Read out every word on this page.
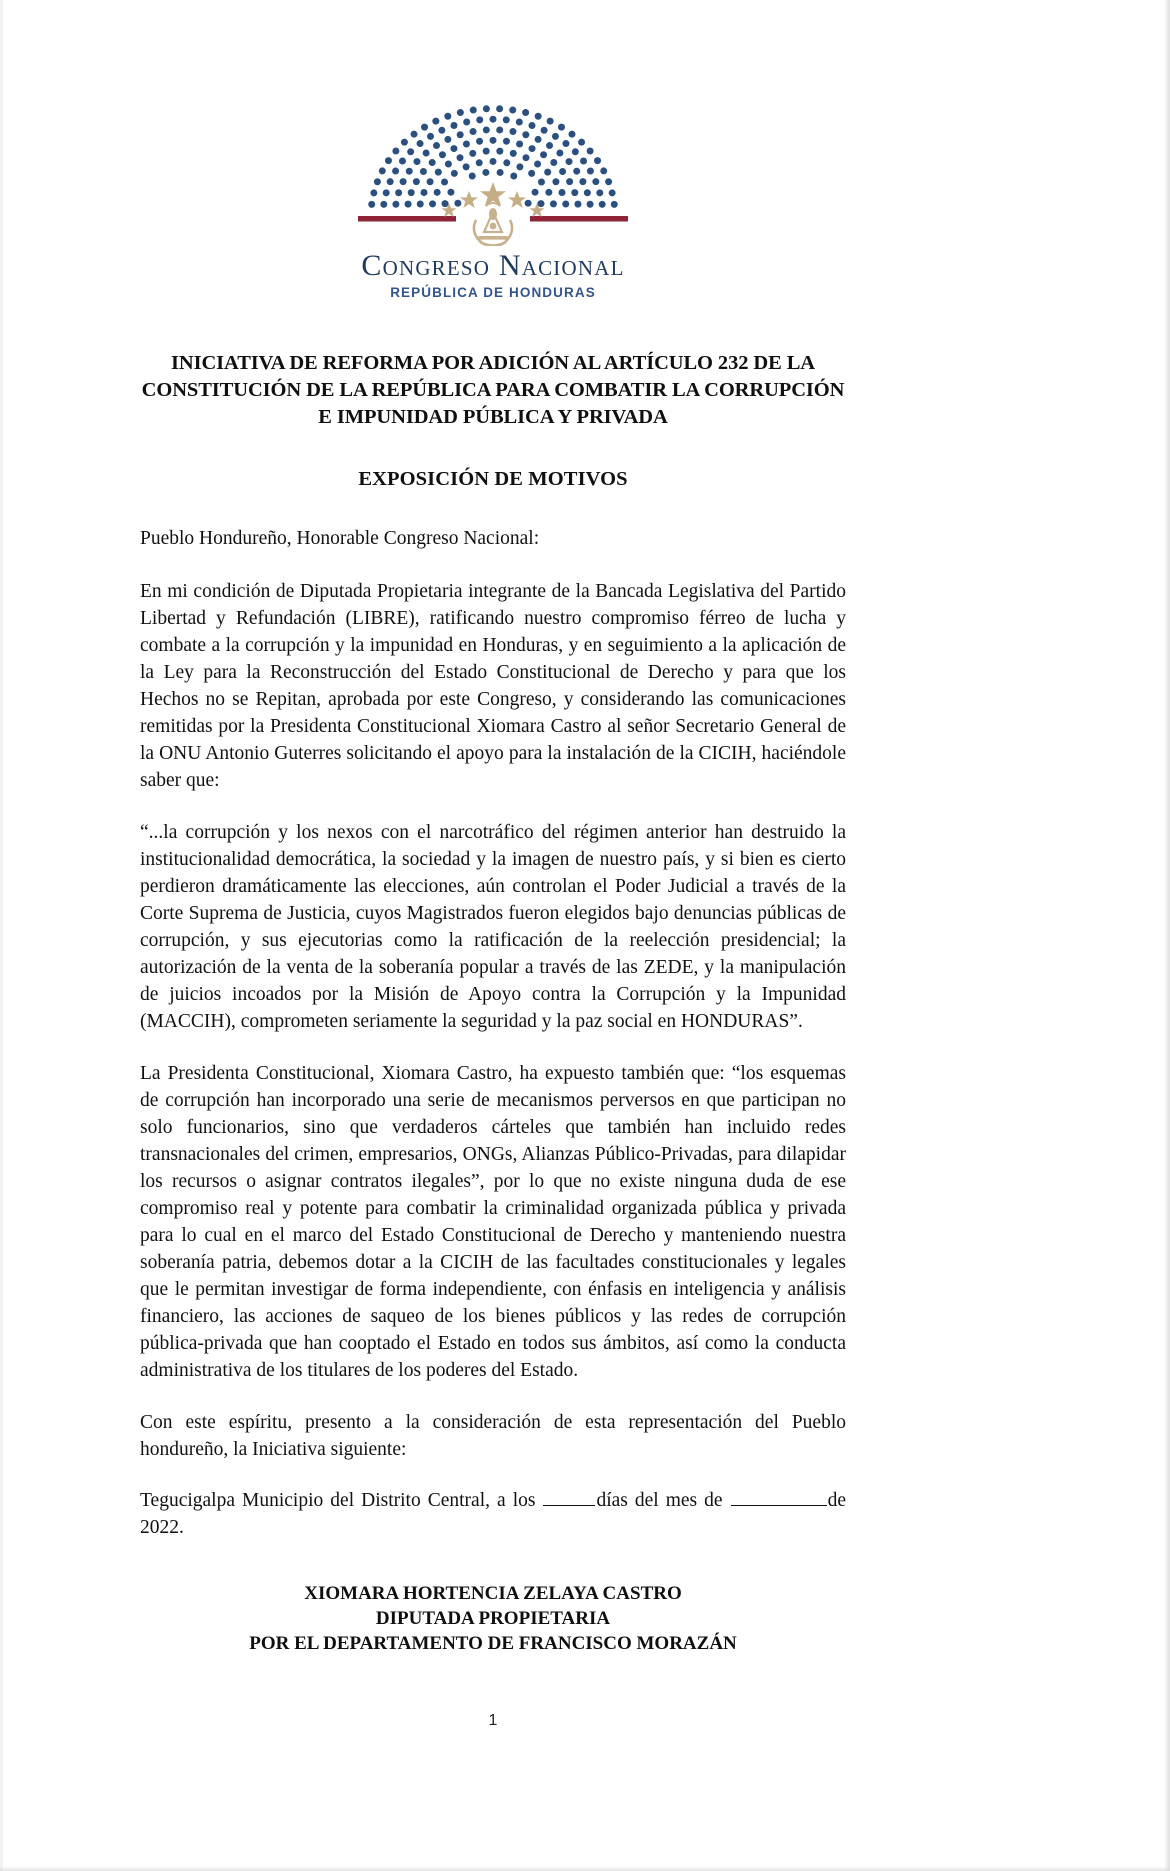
Congreso Nacional
REPÚBLICA DE HONDURAS
INICIATIVA DE REFORMA POR ADICIÓN AL ARTÍCULO 232 DE LA CONSTITUCIÓN DE LA REPÚBLICA PARA COMBATIR LA CORRUPCIÓN E IMPUNIDAD PÚBLICA Y PRIVADA
EXPOSICIÓN DE MOTIVOS
Pueblo Hondureño, Honorable Congreso Nacional:

En mi condición de Diputada Propietaria integrante de la Bancada Legislativa del Partido Libertad y Refundación (LIBRE), ratificando nuestro compromiso férreo de lucha y combate a la corrupción y la impunidad en Honduras, y en seguimiento a la aplicación de la Ley para la Reconstrucción del Estado Constitucional de Derecho y para que los Hechos no se Repitan, aprobada por este Congreso, y considerando las comunicaciones remitidas por la Presidenta Constitucional Xiomara Castro al señor Secretario General de la ONU Antonio Guterres solicitando el apoyo para la instalación de la CICIH, haciéndole saber que:

“...la corrupción y los nexos con el narcotráfico del régimen anterior han destruido la institucionalidad democrática, la sociedad y la imagen de nuestro país, y si bien es cierto perdieron dramáticamente las elecciones, aún controlan el Poder Judicial a través de la Corte Suprema de Justicia, cuyos Magistrados fueron elegidos bajo denuncias públicas de corrupción, y sus ejecutorias como la ratificación de la reelección presidencial; la autorización de la venta de la soberanía popular a través de las ZEDE, y la manipulación de juicios incoados por la Misión de Apoyo contra la Corrupción y la Impunidad (MACCIH), comprometen seriamente la seguridad y la paz social en HONDURAS”.

La Presidenta Constitucional, Xiomara Castro, ha expuesto también que: “los esquemas de corrupción han incorporado una serie de mecanismos perversos en que participan no solo funcionarios, sino que verdaderos cárteles que también han incluido redes transnacionales del crimen, empresarios, ONGs, Alianzas Público-Privadas, para dilapidar los recursos o asignar contratos ilegales”, por lo que no existe ninguna duda de ese compromiso real y potente para combatir la criminalidad organizada pública y privada para lo cual en el marco del Estado Constitucional de Derecho y manteniendo nuestra soberanía patria, debemos dotar a la CICIH de las facultades constitucionales y legales que le permitan investigar de forma independiente, con énfasis en inteligencia y análisis financiero, las acciones de saqueo de los bienes públicos y las redes de corrupción pública-privada que han cooptado el Estado en todos sus ámbitos, así como la conducta administrativa de los titulares de los poderes del Estado.

Con este espíritu, presento a la consideración de esta representación del Pueblo hondureño, la Iniciativa siguiente:

Tegucigalpa Municipio del Distrito Central, a los	días del mes de	de 2022.

XIOMARA HORTENCIA ZELAYA CASTRO
DIPUTADA PROPIETARIA
POR EL DEPARTAMENTO DE FRANCISCO MORAZÁN
1
